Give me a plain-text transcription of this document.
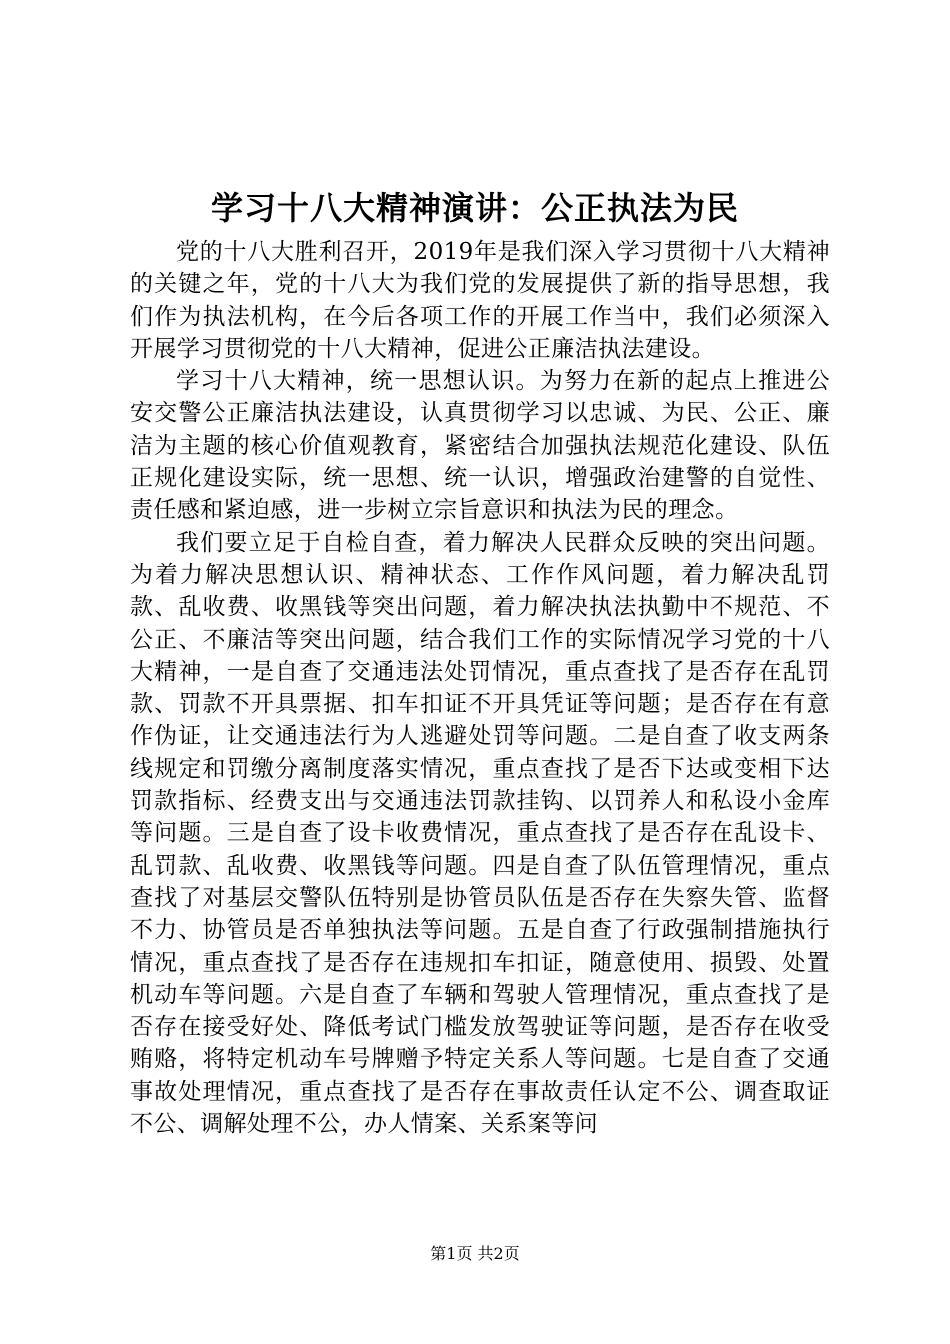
学习十八大精神演讲：公正执法为民

党的十八大胜利召开，2019年是我们深入学习贯彻十八大精神的关键之年，党的十八大为我们党的发展提供了新的指导思想，我们作为执法机构，在今后各项工作的开展工作当中，我们必须深入开展学习贯彻党的十八大精神，促进公正廉洁执法建设。

学习十八大精神，统一思想认识。为努力在新的起点上推进公安交警公正廉洁执法建设，认真贯彻学习以忠诚、为民、公正、廉洁为主题的核心价值观教育，紧密结合加强执法规范化建设、队伍正规化建设实际，统一思想、统一认识，增强政治建警的自觉性、责任感和紧迫感，进一步树立宗旨意识和执法为民的理念。

我们要立足于自检自查，着力解决人民群众反映的突出问题。为着力解决思想认识、精神状态、工作作风问题，着力解决乱罚款、乱收费、收黑钱等突出问题，着力解决执法执勤中不规范、不公正、不廉洁等突出问题，结合我们工作的实际情况学习党的十八大精神，一是自查了交通违法处罚情况，重点查找了是否存在乱罚款、罚款不开具票据、扣车扣证不开具凭证等问题；是否存在有意作伪证，让交通违法行为人逃避处罚等问题。二是自查了收支两条线规定和罚缴分离制度落实情况，重点查找了是否下达或变相下达罚款指标、经费支出与交通违法罚款挂钩、以罚养人和私设小金库等问题。三是自查了设卡收费情况，重点查找了是否存在乱设卡、乱罚款、乱收费、收黑钱等问题。四是自查了队伍管理情况，重点查找了对基层交警队伍特别是协管员队伍是否存在失察失管、监督不力、协管员是否单独执法等问题。五是自查了行政强制措施执行情况，重点查找了是否存在违规扣车扣证，随意使用、损毁、处置机动车等问题。六是自查了车辆和驾驶人管理情况，重点查找了是否存在接受好处、降低考试门槛发放驾驶证等问题，是否存在收受贿赂，将特定机动车号牌赠予特定关系人等问题。七是自查了交通事故处理情况，重点查找了是否存在事故责任认定不公、调查取证不公、调解处理不公，办人情案、关系案等问

第1页 共2页
